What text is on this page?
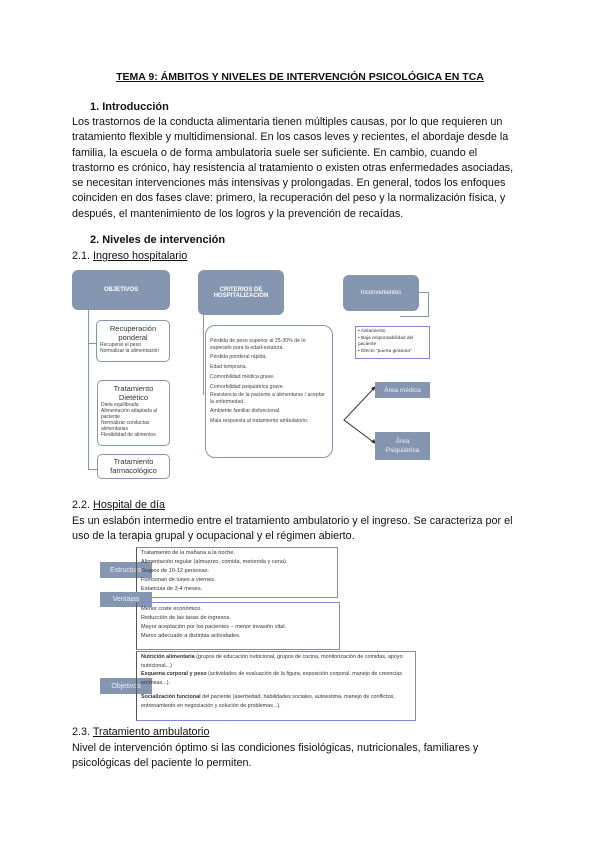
TEMA 9: ÁMBITOS Y NIVELES DE INTERVENCIÓN PSICOLÓGICA EN TCA
1. Introducción
Los trastornos de la conducta alimentaria tienen múltiples causas, por lo que requieren un
tratamiento flexible y multidimensional. En los casos leves y recientes, el abordaje desde la
familia, la escuela o de forma ambulatoria suele ser suficiente. En cambio, cuando el
trastorno es crónico, hay resistencia al tratamiento o existen otras enfermedades asociadas,
se necesitan intervenciones más intensivas y prolongadas. En general, todos los enfoques
coinciden en dos fases clave: primero, la recuperación del peso y la normalización física, y
después, el mantenimiento de los logros y la prevención de recaídas.
2. Niveles de intervención
2.1. Ingreso hospitalario
OBJETIVOS
Recuperación ponderal
Recuperar el peso
Normalizar la alimentación
Tratamiento Dietético
Dieta equilibrada
Alimentación adaptada al paciente
Normalizar conductas alimentarias
Flexibilidad de alimentos
Tratamiento farmacológico
CRITERIOS DE HOSPITALIZACIÓN
Pérdida de peso superior al 25-30% de lo esperado para la edad-estatura.
Pérdida ponderal rápida.
Edad temprana.
Comorbilidad médica grave.
Comorbilidad psiquiátrica grave.
Resistencia de la paciente a alimentarse / aceptar la enfermedad.
Ambiente familiar disfuncional.
Mala respuesta al tratamiento ambulatorio.
Inconvenientes
• Aislamiento
• Baja responsabilidad del paciente
• Efecto "puerta giratoria"
Área médica
Área Psiquiátrica
2.2. Hospital de día
Es un eslabón intermedio entre el tratamiento ambulatorio y el ingreso. Se caracteriza por el
uso de la terapia grupal y ocupacional y el régimen abierto.
Estructura
Tratamiento de la mañana a la noche.
Alimentación regular (almuerzo, comida, merienda y cena).
Grupos de 10-12 personas.
Funcionan de lunes a viernes.
Estancias de 3-4 meses.
Ventajas
Menor coste económico.
Reducción de las tasas de ingresos.
Mayor aceptación por los pacientes – menor invasión vital.
Marco adecuado a distintas actividades.
Objetivos
Nutrición alimentaria (grupos de educación nutricional, grupos de cocina, monitorización de comidas, apoyo nutricional...)
Esquema corporal y peso (actividades de evaluación de la figura, exposición corporal, manejo de creencias erróneas...).
Socialización funcional del paciente (asertividad, habilidades sociales, autoestima, manejo de conflictos, entrenamiento en negociación y solución de problemas...).
2.3. Tratamiento ambulatorio
Nivel de intervención óptimo si las condiciones fisiológicas, nutricionales, familiares y
psicológicas del paciente lo permiten.
